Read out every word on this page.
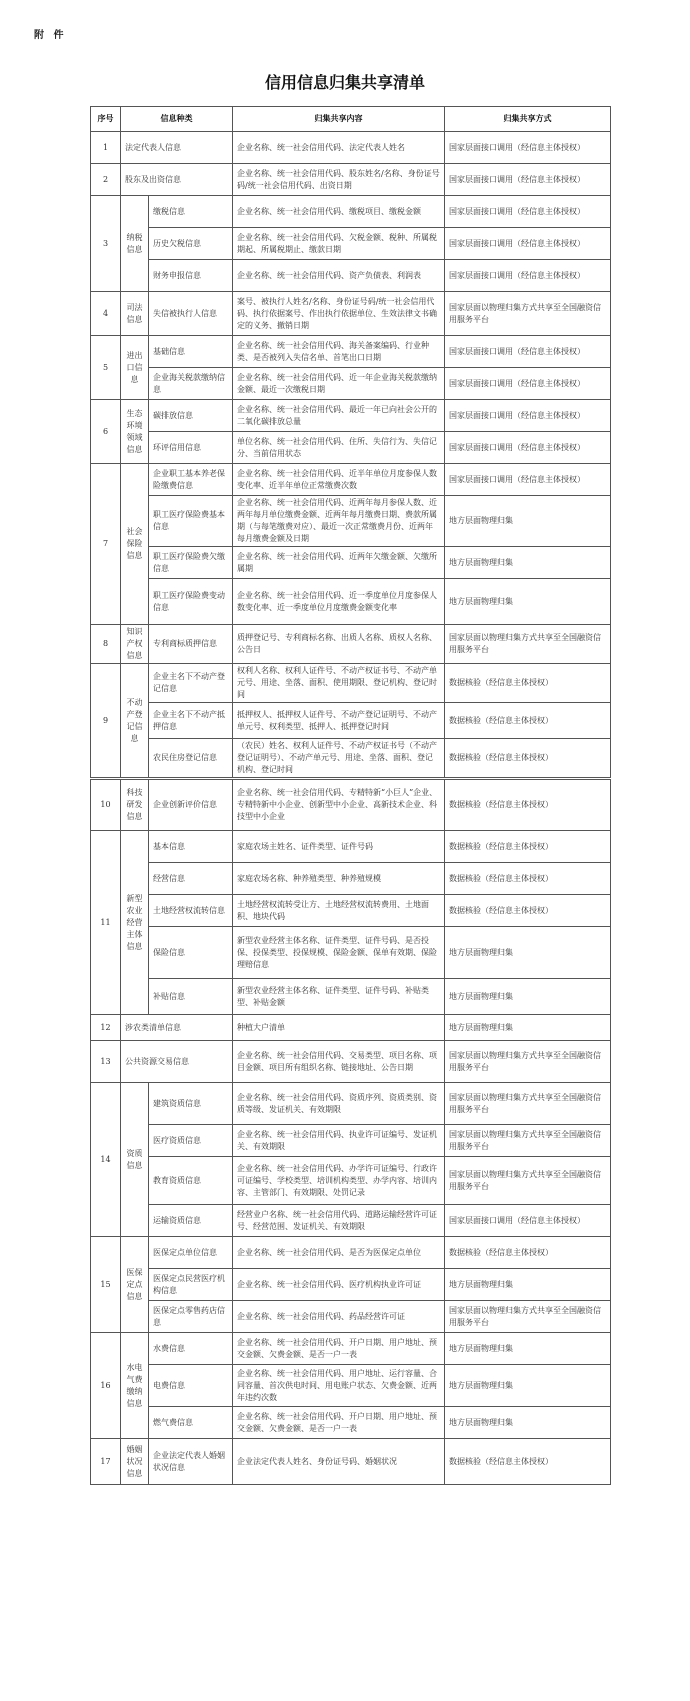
附 件
信用信息归集共享清单
序号	信息种类		归集共享内容	归集共享方式
1	法定代表人信息		企业名称、统一社会信用代码、法定代表人姓名	国家层面接口调用（经信息主体授权）
2	股东及出资信息		企业名称、统一社会信用代码、股东姓名/名称、身份证号码/统一社会信用代码、出资日期	国家层面接口调用（经信息主体授权）
3	纳税信息	缴税信息	企业名称、统一社会信用代码、缴税项目、缴税金额	国家层面接口调用（经信息主体授权）
		历史欠税信息	企业名称、统一社会信用代码、欠税金额、税种、所属税期起、所属税期止、缴款日期	国家层面接口调用（经信息主体授权）
		财务申报信息	企业名称、统一社会信用代码、资产负债表、利润表	国家层面接口调用（经信息主体授权）
4	司法信息	失信被执行人信息	案号、被执行人姓名/名称、身份证号码/统一社会信用代码、执行依据案号、作出执行依据单位、生效法律文书确定的义务、撤销日期	国家层面以物理归集方式共享至全国融资信用服务平台
5	进出口信息	基础信息	企业名称、统一社会信用代码、海关备案编码、行业种类、是否被列入失信名单、首笔出口日期	国家层面接口调用（经信息主体授权）
		企业海关税款缴纳信息	企业名称、统一社会信用代码、近一年企业海关税款缴纳金额、最近一次缴税日期	国家层面接口调用（经信息主体授权）
6	生态环境领域信息	碳排放信息	企业名称、统一社会信用代码、最近一年已向社会公开的二氧化碳排放总量	国家层面接口调用（经信息主体授权）
		环评信用信息	单位名称、统一社会信用代码、住所、失信行为、失信记分、当前信用状态	国家层面接口调用（经信息主体授权）
7	社会保险信息	企业职工基本养老保险缴费信息	企业名称、统一社会信用代码、近半年单位月度参保人数变化率、近半年单位正常缴费次数	国家层面接口调用（经信息主体授权）
		职工医疗保险费基本信息	企业名称、统一社会信用代码、近两年每月参保人数、近两年每月单位缴费金额、近两年每月缴费日期、费款所属期（与每笔缴费对应）、最近一次正常缴费月份、近两年每月缴费金额及日期	地方层面物理归集
		职工医疗保险费欠缴信息	企业名称、统一社会信用代码、近两年欠缴金额、欠缴所属期	地方层面物理归集
		职工医疗保险费变动信息	企业名称、统一社会信用代码、近一季度单位月度参保人数变化率、近一季度单位月度缴费金额变化率	地方层面物理归集
8	知识产权信息	专利商标质押信息	质押登记号、专利商标名称、出质人名称、质权人名称、公告日	国家层面以物理归集方式共享至全国融资信用服务平台
9	不动产登记信息	企业主名下不动产登记信息	权利人名称、权利人证件号、不动产权证书号、不动产单元号、用途、坐落、面积、使用期限、登记机构、登记时间	数据核验（经信息主体授权）
		企业主名下不动产抵押信息	抵押权人、抵押权人证件号、不动产登记证明号、不动产单元号、权利类型、抵押人、抵押登记时间	数据核验（经信息主体授权）
		农民住房登记信息	（农民）姓名、权利人证件号、不动产权证书号（不动产登记证明号）、不动产单元号、用途、坐落、面积、登记机构、登记时间	数据核验（经信息主体授权）
10	科技研发信息	企业创新评价信息	企业名称、统一社会信用代码、专精特新“小巨人”企业、专精特新中小企业、创新型中小企业、高新技术企业、科技型中小企业	数据核验（经信息主体授权）
11	新型农业经营主体信息	基本信息	家庭农场主姓名、证件类型、证件号码	数据核验（经信息主体授权）
		经营信息	家庭农场名称、种养殖类型、种养殖规模	数据核验（经信息主体授权）
		土地经营权流转信息	土地经营权流转受让方、土地经营权流转费用、土地面积、地块代码	数据核验（经信息主体授权）
		保险信息	新型农业经营主体名称、证件类型、证件号码、是否投保、投保类型、投保规模、保险金额、保单有效期、保险理赔信息	地方层面物理归集
		补贴信息	新型农业经营主体名称、证件类型、证件号码、补贴类型、补贴金额	地方层面物理归集
12	涉农类清单信息		种植大户清单	地方层面物理归集
13	公共资源交易信息		企业名称、统一社会信用代码、交易类型、项目名称、项目金额、项目所有组织名称、链接地址、公告日期	国家层面以物理归集方式共享至全国融资信用服务平台
14	资质信息	建筑资质信息	企业名称、统一社会信用代码、资质序列、资质类别、资质等级、发证机关、有效期限	国家层面以物理归集方式共享至全国融资信用服务平台
		医疗资质信息	企业名称、统一社会信用代码、执业许可证编号、发证机关、有效期限	国家层面以物理归集方式共享至全国融资信用服务平台
		教育资质信息	企业名称、统一社会信用代码、办学许可证编号、行政许可证编号、学校类型、培训机构类型、办学内容、培训内容、主管部门、有效期限、处罚记录	国家层面以物理归集方式共享至全国融资信用服务平台
		运输资质信息	经营业户名称、统一社会信用代码、道路运输经营许可证号、经营范围、发证机关、有效期限	国家层面接口调用（经信息主体授权）
15	医保定点信息	医保定点单位信息	企业名称、统一社会信用代码、是否为医保定点单位	数据核验（经信息主体授权）
		医保定点民营医疗机构信息	企业名称、统一社会信用代码、医疗机构执业许可证	地方层面物理归集
		医保定点零售药店信息	企业名称、统一社会信用代码、药品经营许可证	国家层面以物理归集方式共享至全国融资信用服务平台
16	水电气费缴纳信息	水费信息	企业名称、统一社会信用代码、开户日期、用户地址、预交金额、欠费金额、是否一户一表	地方层面物理归集
		电费信息	企业名称、统一社会信用代码、用户地址、运行容量、合同容量、首次供电时间、用电账户状态、欠费金额、近两年违约次数	地方层面物理归集
		燃气费信息	企业名称、统一社会信用代码、开户日期、用户地址、预交金额、欠费金额、是否一户一表	地方层面物理归集
17	婚姻状况信息	企业法定代表人婚姻状况信息	企业法定代表人姓名、身份证号码、婚姻状况	数据核验（经信息主体授权）
